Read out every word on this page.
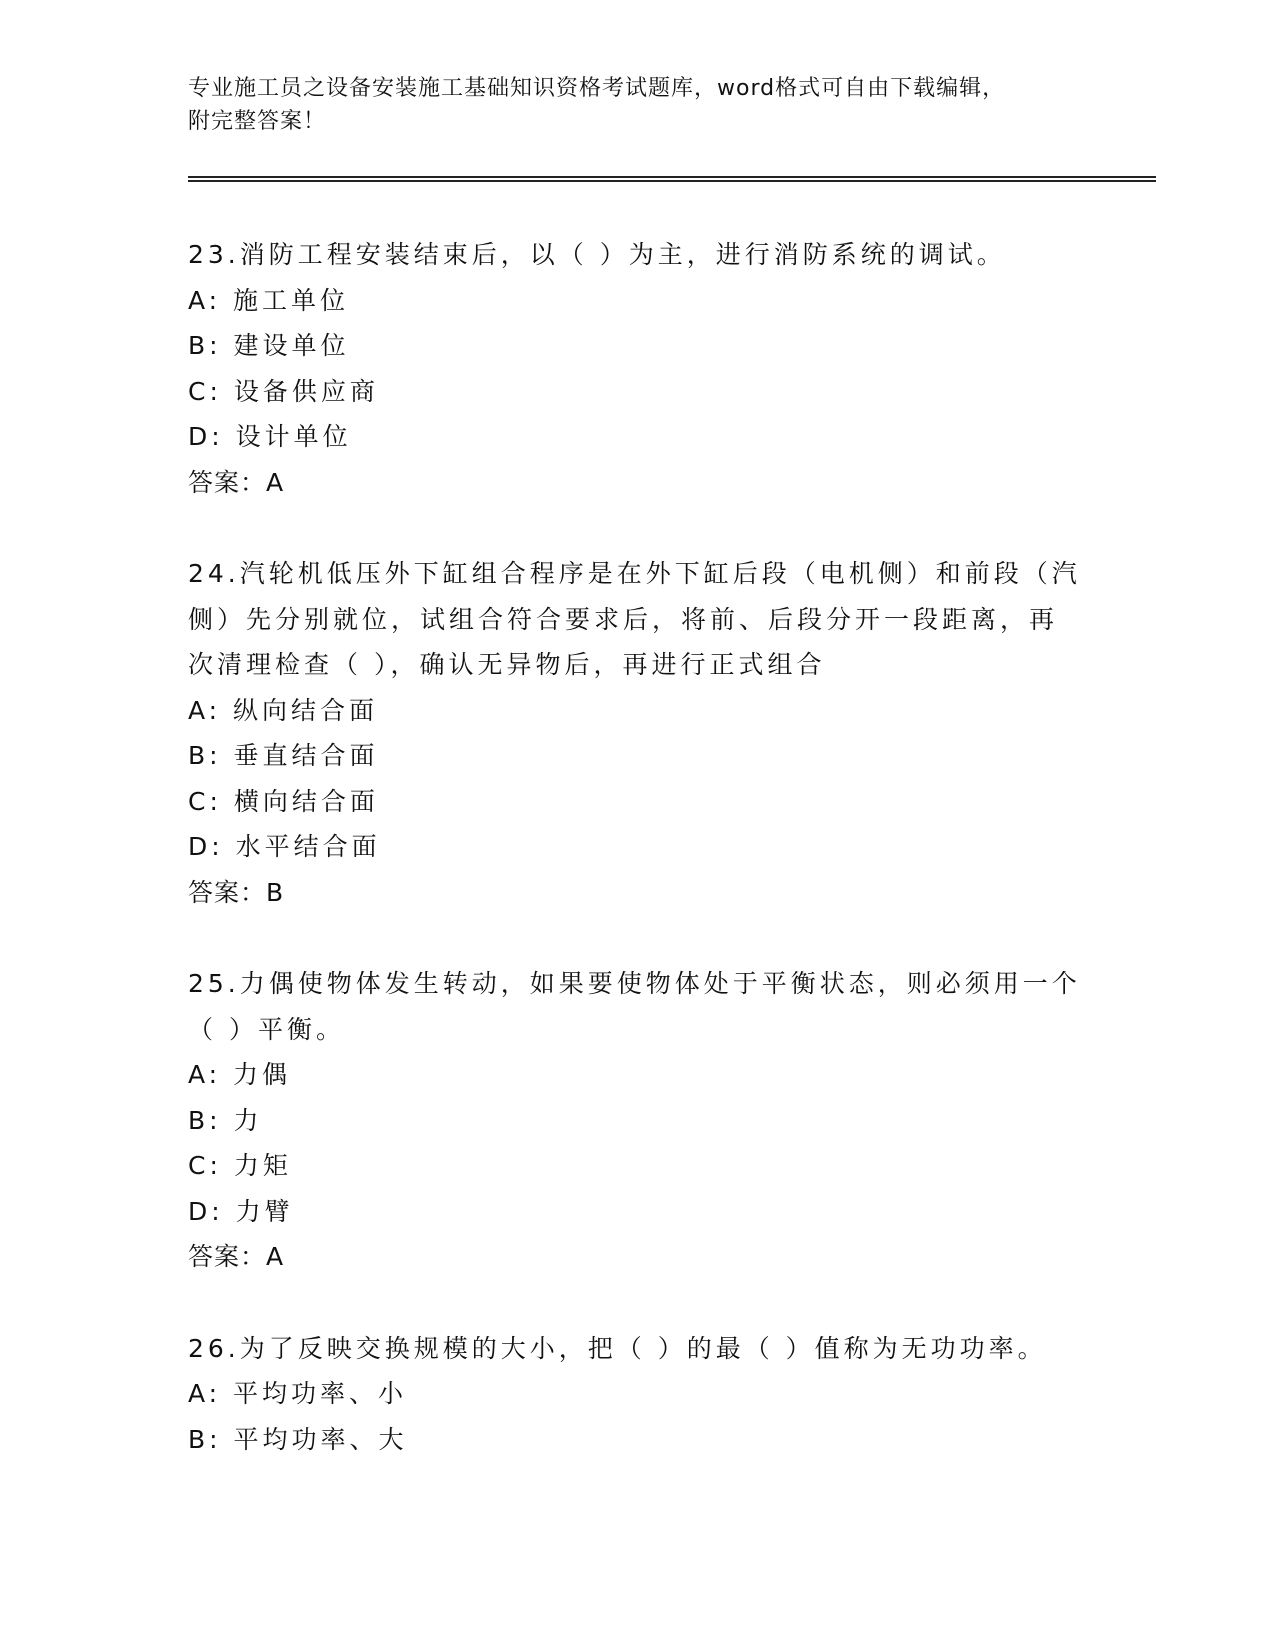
专业施工员之设备安装施工基础知识资格考试题库，word格式可自由下载编辑，
附完整答案！

23.消防工程安装结束后，以（ ）为主，进行消防系统的调试。

A: 施工单位

B: 建设单位

C: 设备供应商

D: 设计单位

答案：A

24.汽轮机低压外下缸组合程序是在外下缸后段（电机侧）和前段（汽

侧）先分别就位，试组合符合要求后，将前、后段分开一段距离，再

次清理检查（ ），确认无异物后，再进行正式组合

A: 纵向结合面

B: 垂直结合面

C: 横向结合面

D: 水平结合面

答案：B

25.力偶使物体发生转动，如果要使物体处于平衡状态，则必须用一个

（ ）平衡。

A: 力偶

B: 力

C: 力矩

D: 力臂

答案：A

26.为了反映交换规模的大小，把（ ）的最（ ）值称为无功功率。

A: 平均功率、小

B: 平均功率、大
